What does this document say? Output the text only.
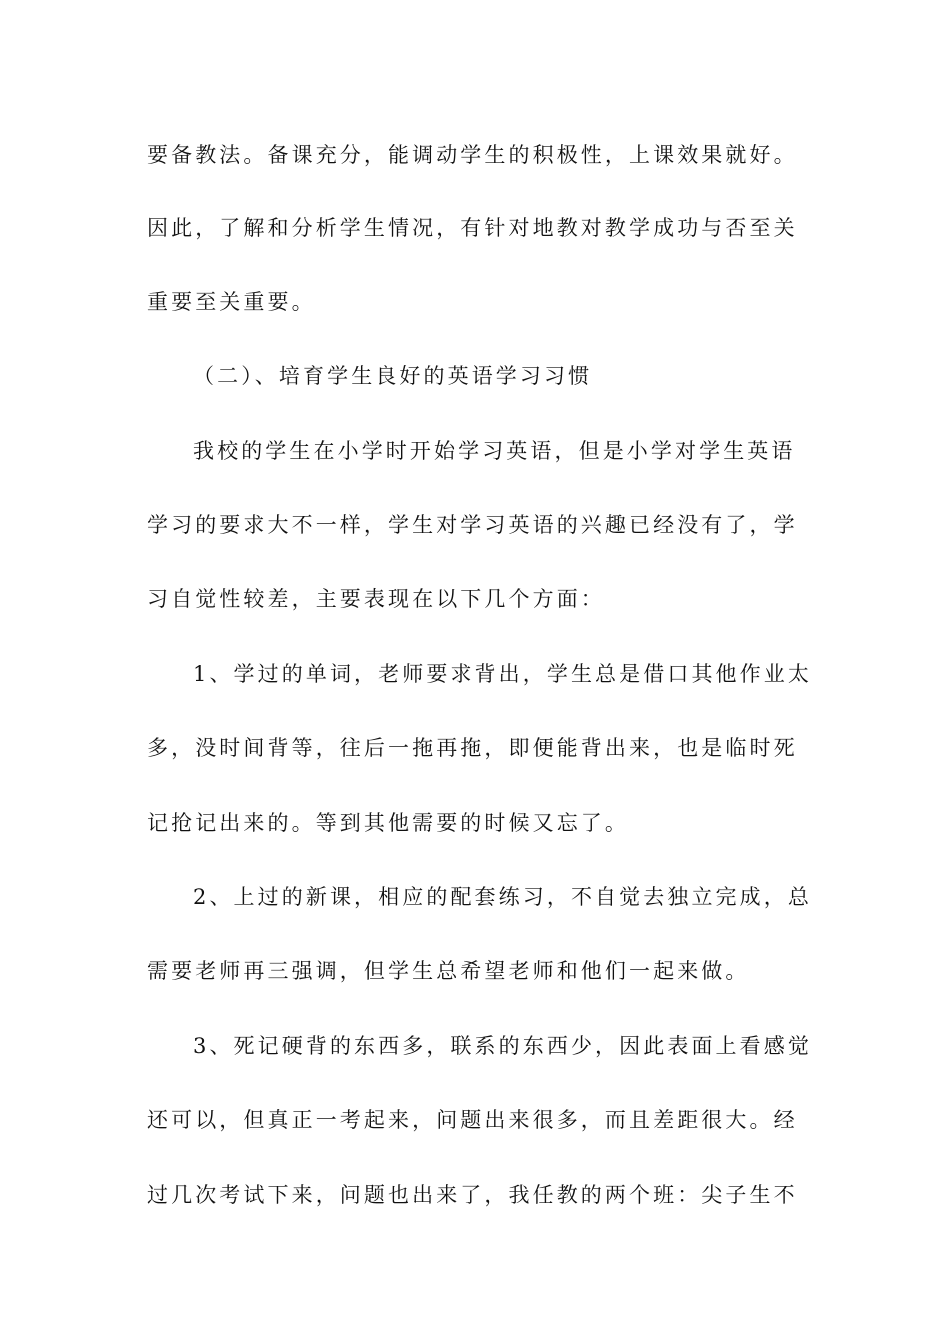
要备教法。备课充分，能调动学生的积极性，上课效果就好。
因此，了解和分析学生情况，有针对地教对教学成功与否至关
重要至关重要。
（二）、培育学生良好的英语学习习惯
我校的学生在小学时开始学习英语，但是小学对学生英语
学习的要求大不一样，学生对学习英语的兴趣已经没有了，学
习自觉性较差，主要表现在以下几个方面：
1、学过的单词，老师要求背出，学生总是借口其他作业太
多，没时间背等，往后一拖再拖，即便能背出来，也是临时死
记抢记出来的。等到其他需要的时候又忘了。
2、上过的新课，相应的配套练习，不自觉去独立完成，总
需要老师再三强调，但学生总希望老师和他们一起来做。
3、死记硬背的东西多，联系的东西少，因此表面上看感觉
还可以，但真正一考起来，问题出来很多，而且差距很大。经
过几次考试下来，问题也出来了，我任教的两个班：尖子生不
